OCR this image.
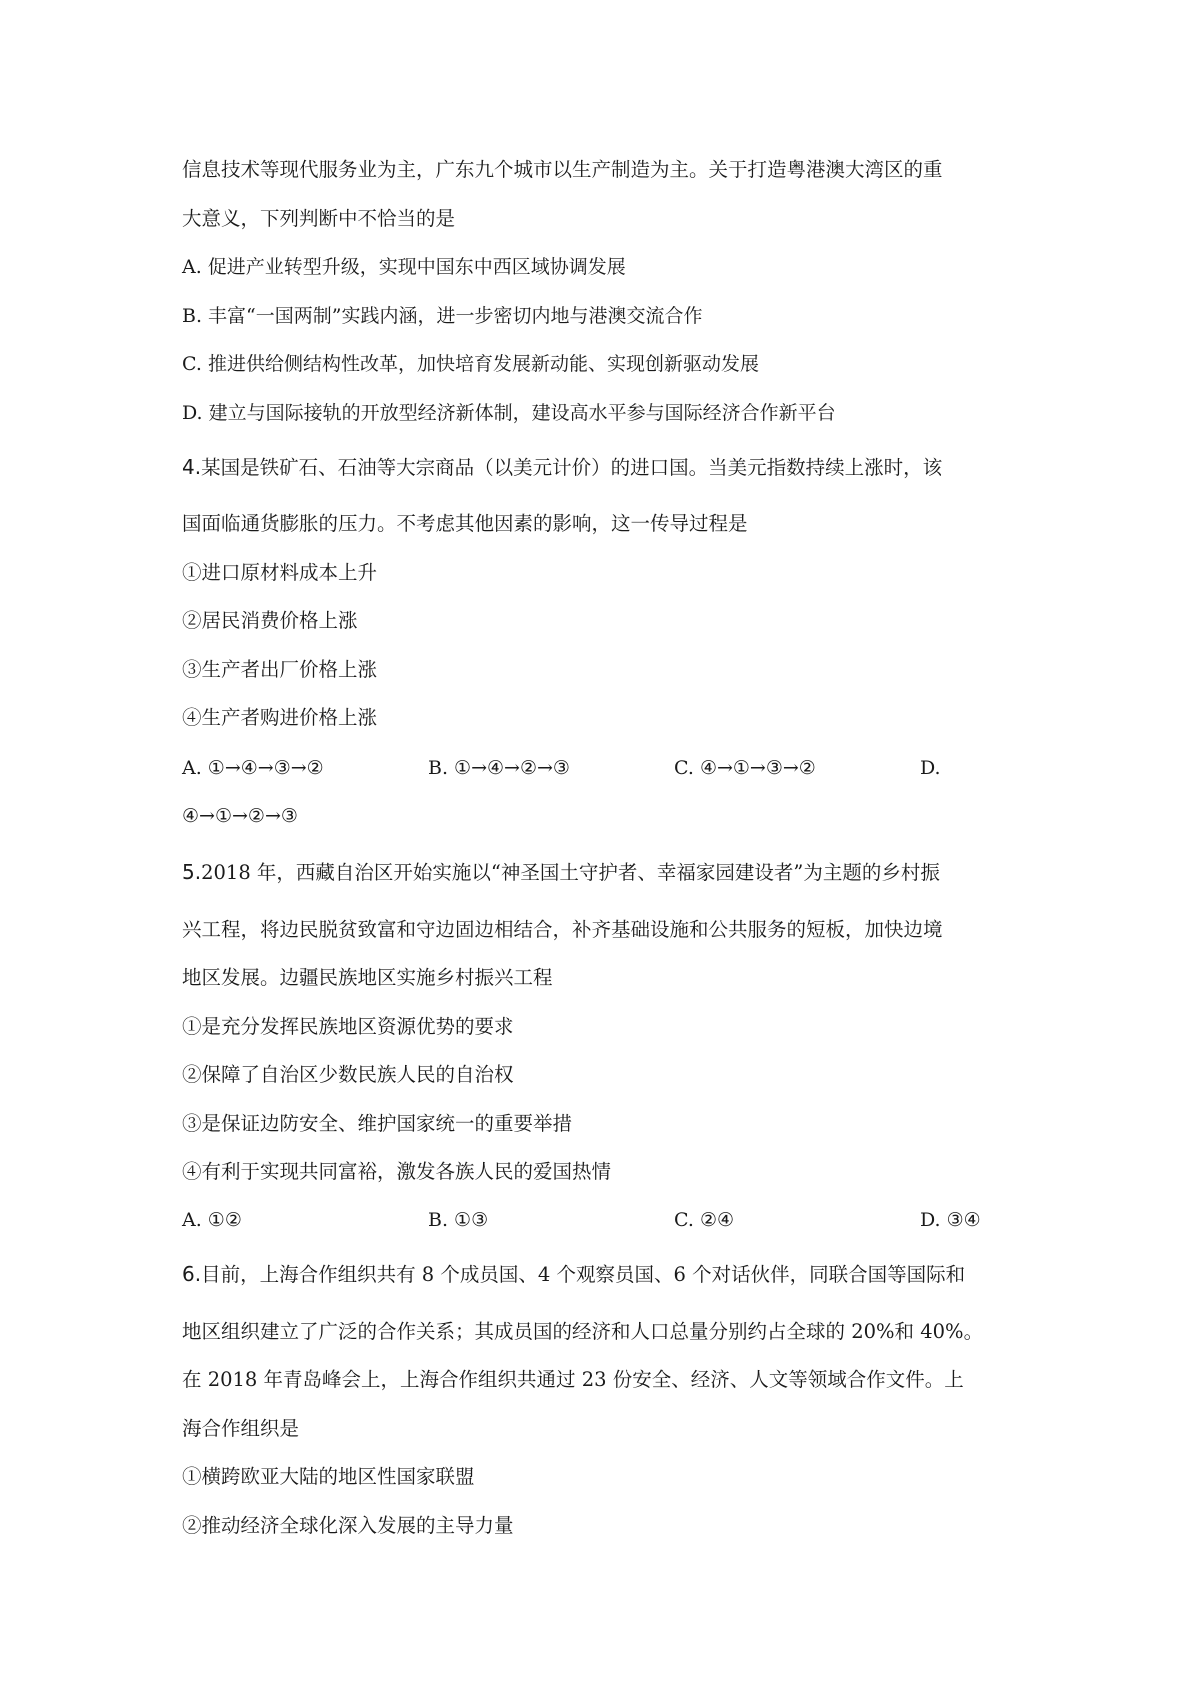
信息技术等现代服务业为主，广东九个城市以生产制造为主。关于打造粤港澳大湾区的重
大意义，下列判断中不恰当的是
A. 促进产业转型升级，实现中国东中西区域协调发展
B. 丰富“一国两制”实践内涵，进一步密切内地与港澳交流合作
C. 推进供给侧结构性改革，加快培育发展新动能、实现创新驱动发展
D. 建立与国际接轨的开放型经济新体制，建设高水平参与国际经济合作新平台
4.某国是铁矿石、石油等大宗商品（以美元计价）的进口国。当美元指数持续上涨时，该
国面临通货膨胀的压力。不考虑其他因素的影响，这一传导过程是
①进口原材料成本上升
②居民消费价格上涨
③生产者出厂价格上涨
④生产者购进价格上涨
A. ①→④→③→②	B. ①→④→②→③	C. ④→①→③→②	D.
④→①→②→③
5.2018 年，西藏自治区开始实施以“神圣国土守护者、幸福家园建设者”为主题的乡村振
兴工程，将边民脱贫致富和守边固边相结合，补齐基础设施和公共服务的短板，加快边境
地区发展。边疆民族地区实施乡村振兴工程
①是充分发挥民族地区资源优势的要求
②保障了自治区少数民族人民的自治权
③是保证边防安全、维护国家统一的重要举措
④有利于实现共同富裕，激发各族人民的爱国热情
A. ①②	B. ①③	C. ②④	D. ③④
6.目前，上海合作组织共有 8 个成员国、4 个观察员国、6 个对话伙伴，同联合国等国际和
地区组织建立了广泛的合作关系；其成员国的经济和人口总量分别约占全球的 20%和 40%。
在 2018 年青岛峰会上，上海合作组织共通过 23 份安全、经济、人文等领域合作文件。上
海合作组织是
①横跨欧亚大陆的地区性国家联盟
②推动经济全球化深入发展的主导力量
